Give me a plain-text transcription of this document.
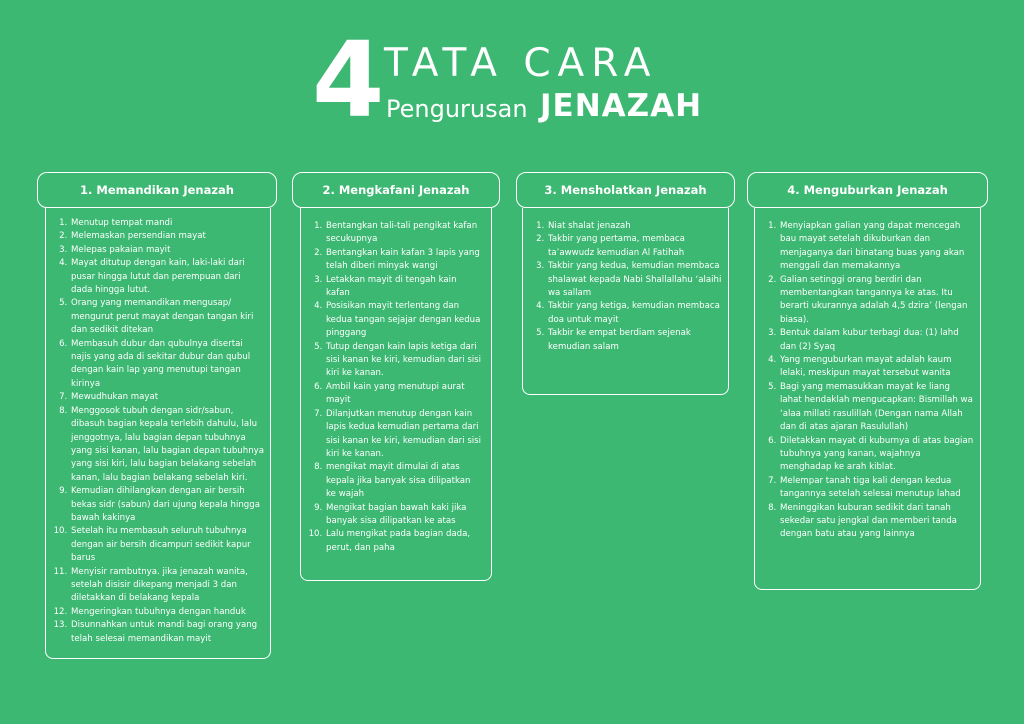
4 TATA CARA
Pengurusan JENAZAH
1. Memandikan Jenazah
1. Menutup tempat mandi
2. Melemaskan persendian mayat
3. Melepas pakaian mayit
4. Mayat ditutup dengan kain, laki-laki dari pusar hingga lutut dan perempuan dari dada hingga lutut.
5. Orang yang memandikan mengusap/ mengurut perut mayat dengan tangan kiri dan sedikit ditekan
6. Membasuh dubur dan qubulnya disertai najis yang ada di sekitar dubur dan qubul dengan kain lap yang menutupi tangan kirinya
7. Mewudhukan mayat
8. Menggosok tubuh dengan sidr/sabun, dibasuh bagian kepala terlebih dahulu, lalu jenggotnya, lalu bagian depan tubuhnya yang sisi kanan, lalu bagian depan tubuhnya yang sisi kiri, lalu bagian belakang sebelah kanan, lalu bagian belakang sebelah kiri.
9. Kemudian dihilangkan dengan air bersih bekas sidr (sabun) dari ujung kepala hingga bawah kakinya
10. Setelah itu membasuh seluruh tubuhnya dengan air bersih dicampuri sedikit kapur barus
11. Menyisir rambutnya. jika jenazah wanita, setelah disisir dikepang menjadi 3 dan diletakkan di belakang kepala
12. Mengeringkan tubuhnya dengan handuk
13. Disunnahkan untuk mandi bagi orang yang telah selesai memandikan mayit
2. Mengkafani Jenazah
1. Bentangkan tali-tali pengikat kafan secukupnya
2. Bentangkan kain kafan 3 lapis yang telah diberi minyak wangi
3. Letakkan mayit di tengah kain kafan
4. Posisikan mayit terlentang dan kedua tangan sejajar dengan kedua pinggang
5. Tutup dengan kain lapis ketiga dari sisi kanan ke kiri, kemudian dari sisi kiri ke kanan.
6. Ambil kain yang menutupi aurat mayit
7. Dilanjutkan menutup dengan kain lapis kedua kemudian pertama dari sisi kanan ke kiri, kemudian dari sisi kiri ke kanan.
8. mengikat mayit dimulai di atas kepala jika banyak sisa dilipatkan ke wajah
9. Mengikat bagian bawah kaki jika banyak sisa dilipatkan ke atas
10. Lalu mengikat pada bagian dada, perut, dan paha
3. Mensholatkan Jenazah
1. Niat shalat jenazah
2. Takbir yang pertama, membaca ta’awwudz kemudian Al Fatihah
3. Takbir yang kedua, kemudian membaca shalawat kepada Nabi Shallallahu ‘alaihi wa sallam
4. Takbir yang ketiga, kemudian membaca doa untuk mayit
5. Takbir ke empat berdiam sejenak kemudian salam
4. Menguburkan Jenazah
1. Menyiapkan galian yang dapat mencegah bau mayat setelah dikuburkan dan menjaganya dari binatang buas yang akan menggali dan memakannya
2. Galian setinggi orang berdiri dan membentangkan tangannya ke atas. Itu berarti ukurannya adalah 4,5 dzira’ (lengan biasa).
3. Bentuk dalam kubur terbagi dua: (1) lahd dan (2) Syaq
4. Yang menguburkan mayat adalah kaum lelaki, meskipun mayat tersebut wanita
5. Bagi yang memasukkan mayat ke liang lahat hendaklah mengucapkan: Bismillah wa ‘alaa millati rasulillah (Dengan nama Allah dan di atas ajaran Rasulullah)
6. Diletakkan mayat di kuburnya di atas bagian tubuhnya yang kanan, wajahnya menghadap ke arah kiblat.
7. Melempar tanah tiga kali dengan kedua tangannya setelah selesai menutup lahad
8. Meninggikan kuburan sedikit dari tanah sekedar satu jengkal dan memberi tanda dengan batu atau yang lainnya
